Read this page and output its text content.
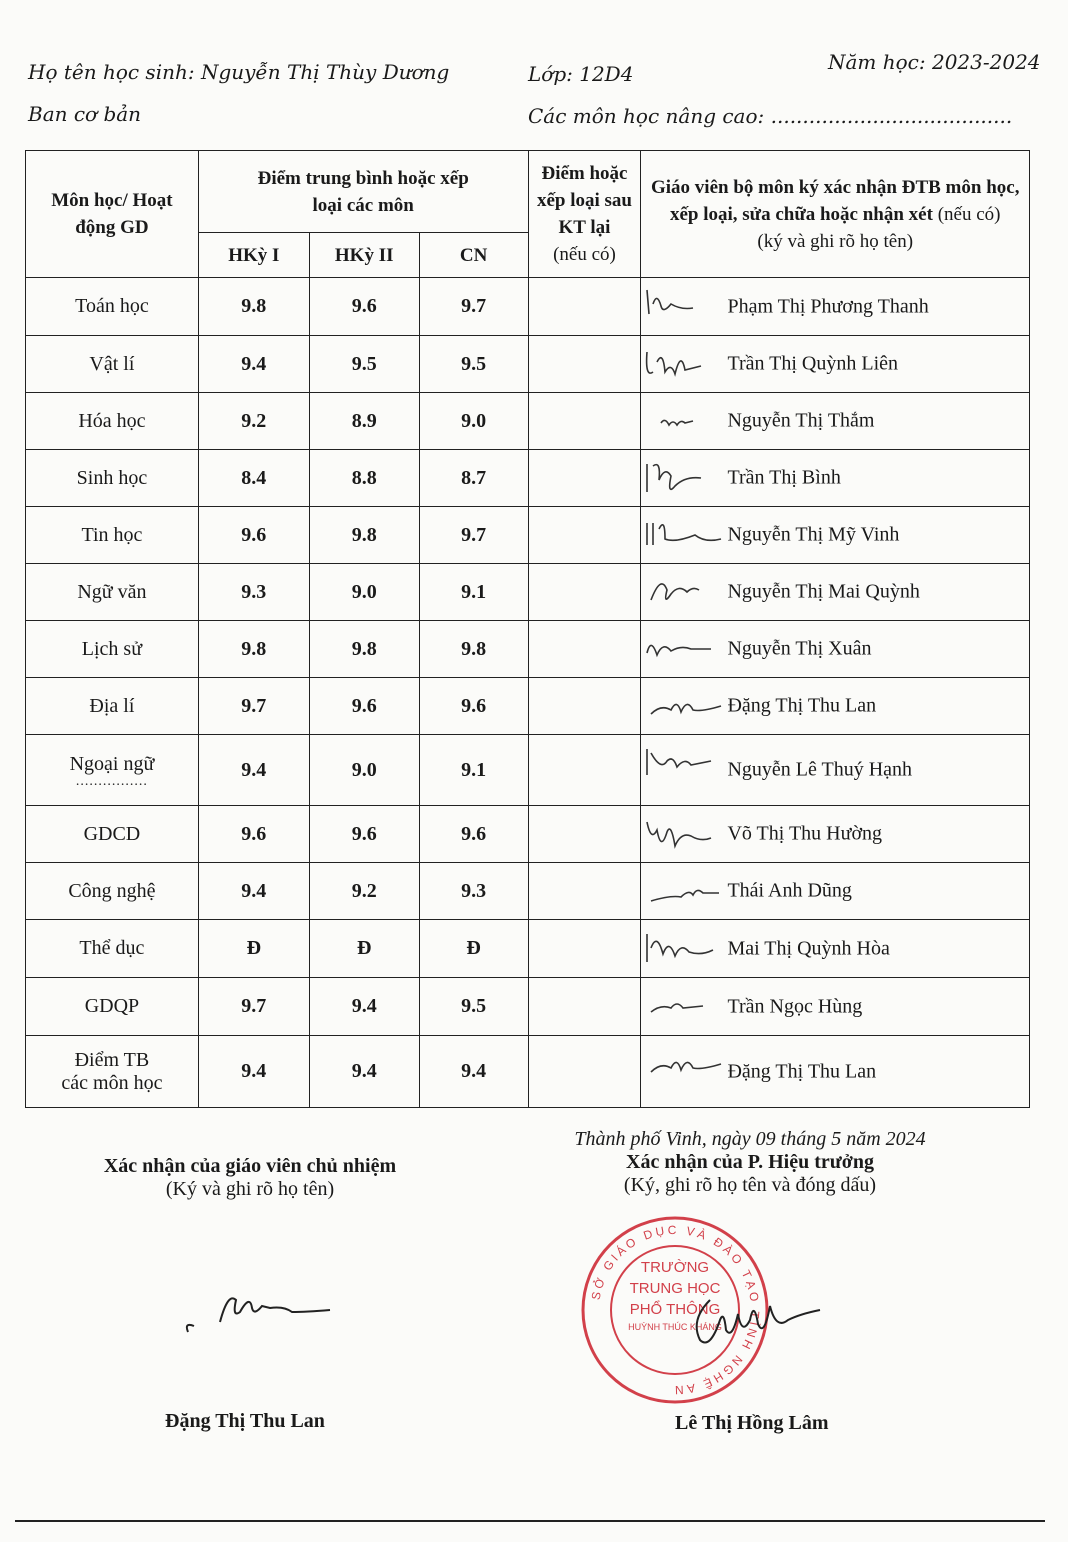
Họ tên học sinh: Nguyễn Thị Thùy Dương	Lớp: 12D4	Năm học: 2023-2024
Ban cơ bản	Các môn học nâng cao: ......................................
Môn học/ Hoạt động GD	Điểm trung bình hoặc xếp loại các môn			Điểm hoặc xếp loại sau KT lại
(nếu có)	Giáo viên bộ môn ký xác nhận ĐTB môn học, xếp loại, sửa chữa hoặc nhận xét (nếu có)
(ký và ghi rõ họ tên)
	HKỳ I	HKỳ II	CN		
Toán học	9.8	9.6	9.7		Phạm Thị Phương Thanh

Vật lí	9.4	9.5	9.5		Trần Thị Quỳnh Liên

Hóa học	9.2	8.9	9.0		Nguyễn Thị Thắm

Sinh học	8.4	8.8	8.7		Trần Thị Bình

Tin học	9.6	9.8	9.7		Nguyễn Thị Mỹ Vinh

Ngữ văn	9.3	9.0	9.1		Nguyễn Thị Mai Quỳnh

Lịch sử	9.8	9.8	9.8		Nguyễn Thị Xuân

Địa lí	9.7	9.6	9.6		Đặng Thị Thu Lan

Ngoại ngữ
................	9.4	9.0	9.1		Nguyễn Lê Thuý Hạnh

GDCD	9.6	9.6	9.6		Võ Thị Thu Hường

Công nghệ	9.4	9.2	9.3		Thái Anh Dũng

Thể dục	Đ	Đ	Đ		Mai Thị Quỳnh Hòa

GDQP	9.7	9.4	9.5		Trần Ngọc Hùng

Điểm TB
các môn học	9.4	9.4	9.4		Đặng Thị Thu Lan
Xác nhận của giáo viên chủ nhiệm
(Ký và ghi rõ họ tên)
Đặng Thị Thu Lan
Thành phố Vinh, ngày 09 tháng 5 năm 2024
Xác nhận của P. Hiệu trưởng
(Ký, ghi rõ họ tên và đóng dấu)
SỞ GIÁO DỤC VÀ ĐÀO TẠO TỈNH NGHỆ AN
TRƯỜNG
TRUNG HỌC
PHỔ THÔNG
HUỲNH THÚC KHÁNG
Lê Thị Hồng Lâm
